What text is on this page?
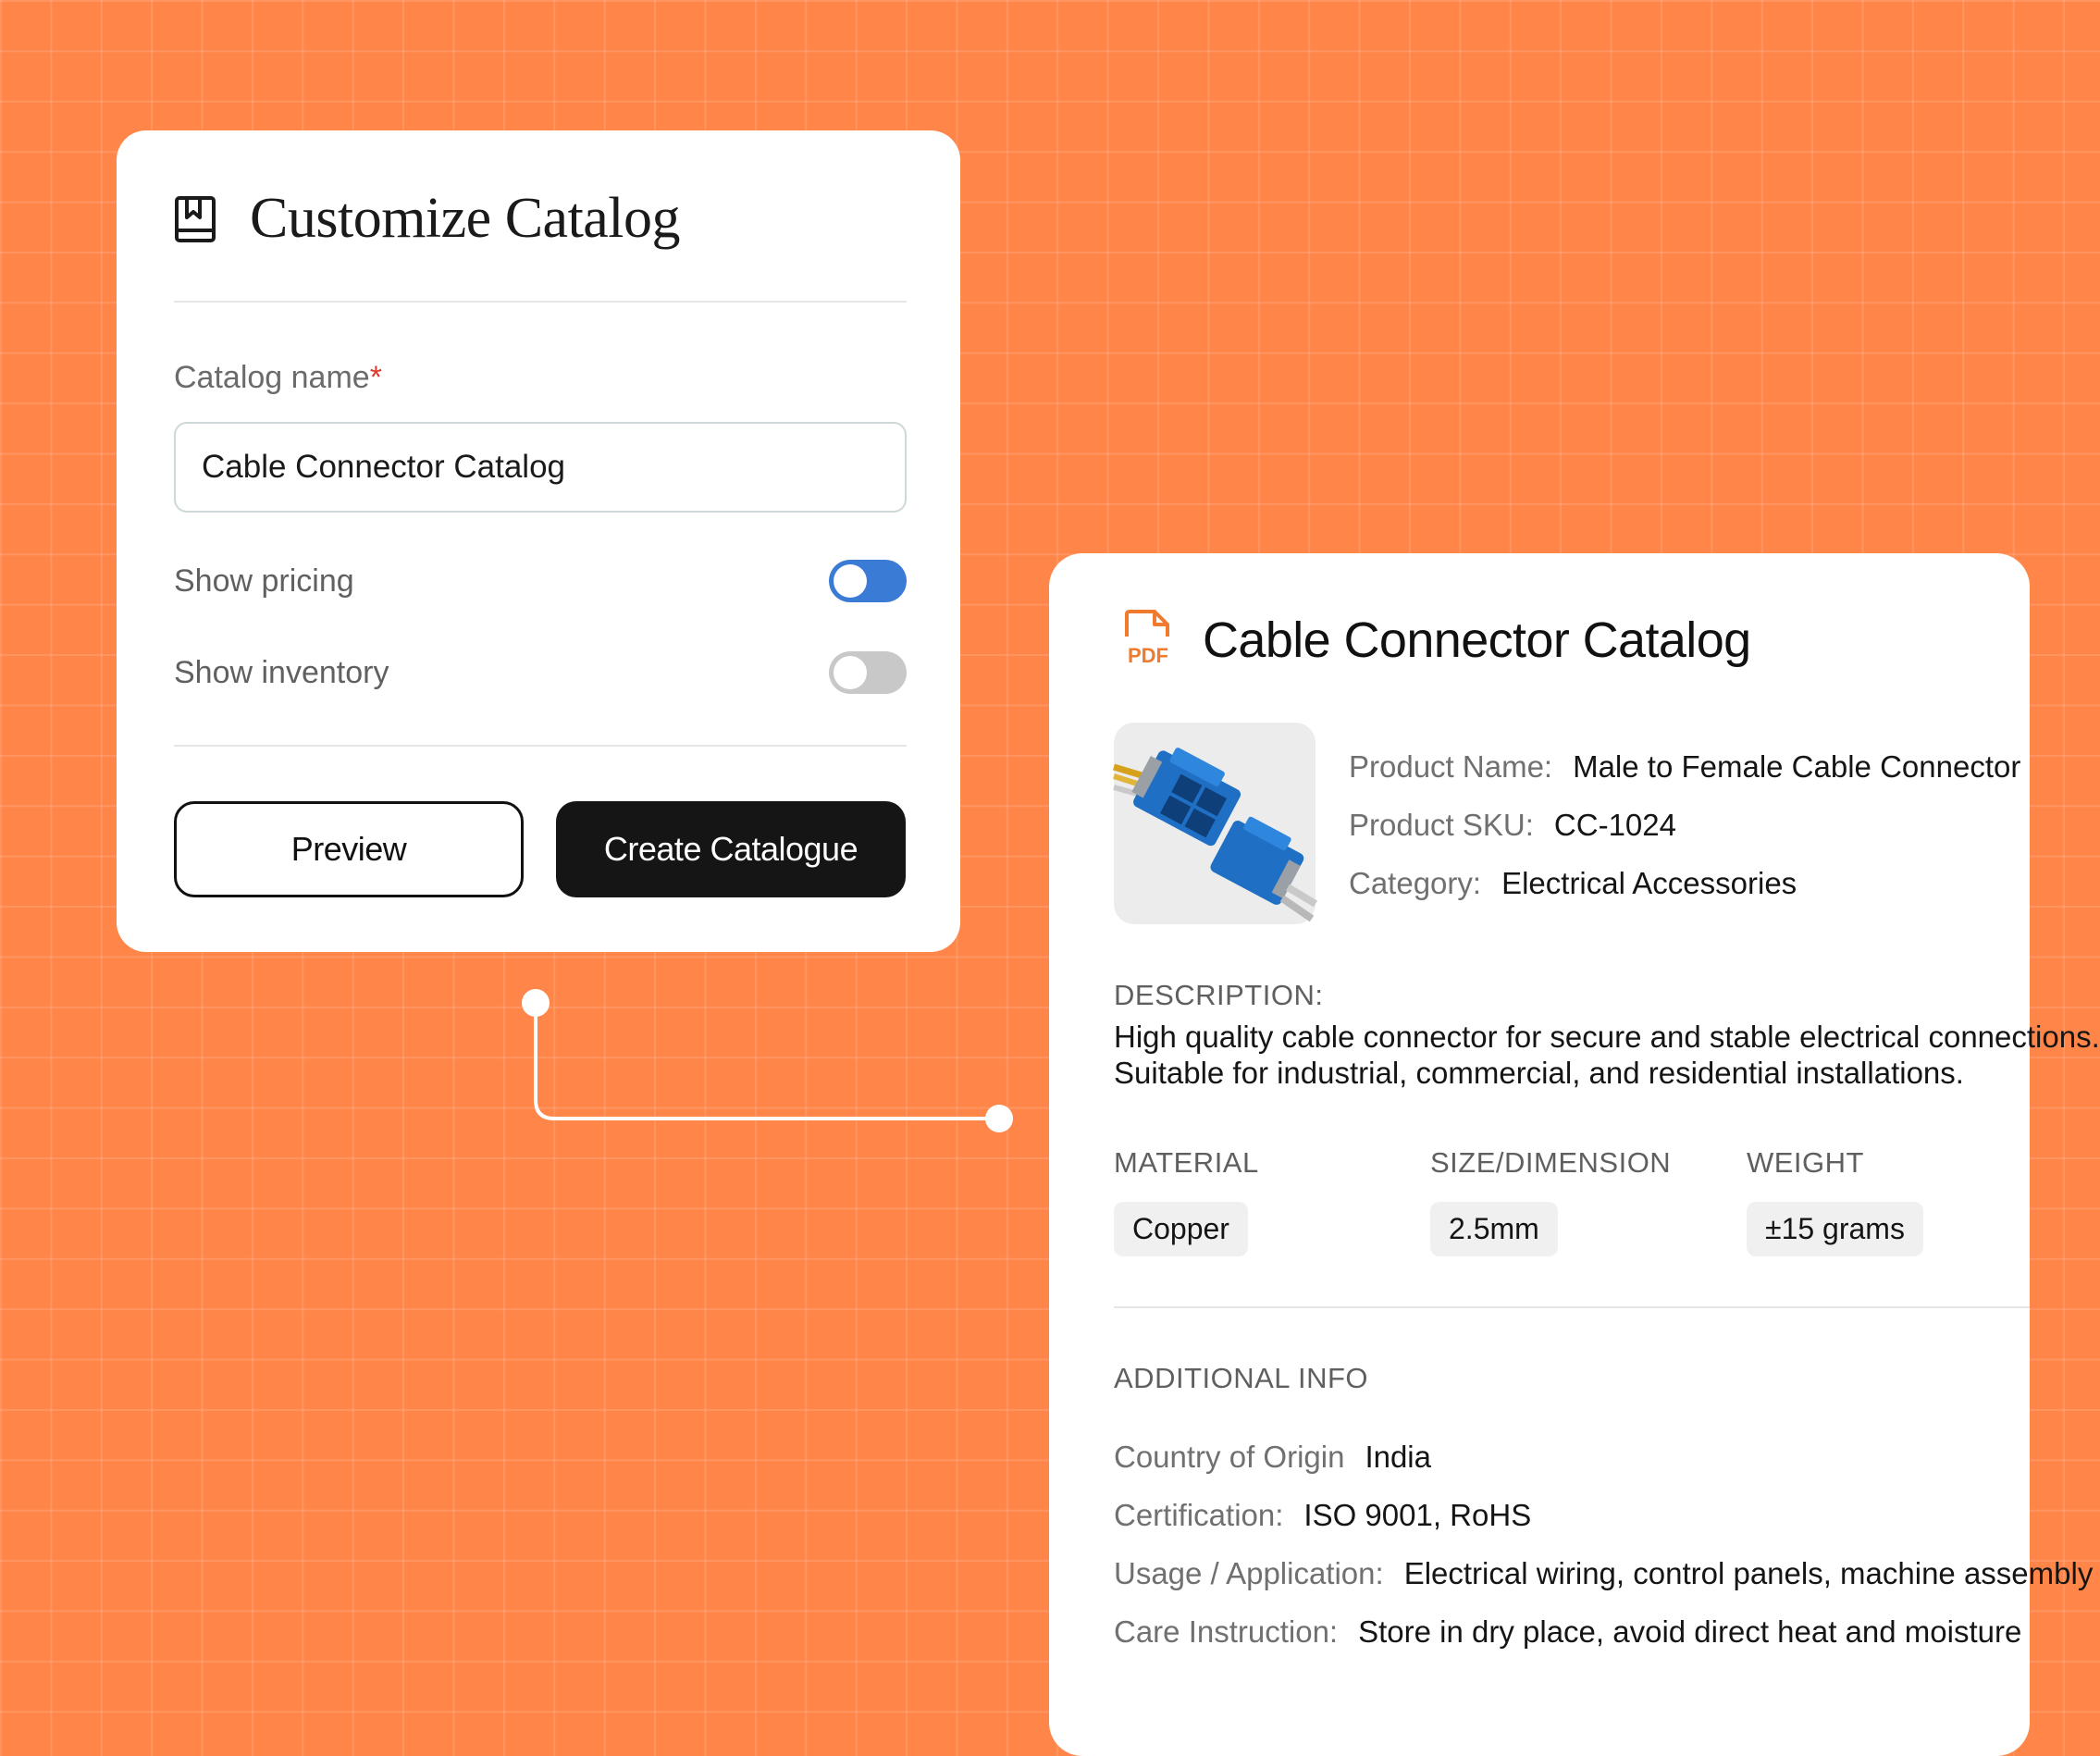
Customize Catalog
Catalog name*
Cable Connector Catalog
Show pricing
Show inventory
Preview	Create Catalogue
PDF Cable Connector Catalog
Product Name: Male to Female Cable Connector
Product SKU: CC-1024
Category: Electrical Accessories
DESCRIPTION:
High quality cable connector for secure and stable electrical connections.
Suitable for industrial, commercial, and residential installations.
MATERIAL	SIZE/DIMENSION	WEIGHT
Copper	2.5mm	±15 grams
ADDITIONAL INFO
Country of Origin India
Certification: ISO 9001, RoHS
Usage / Application: Electrical wiring, control panels, machine assembly
Care Instruction: Store in dry place, avoid direct heat and moisture
